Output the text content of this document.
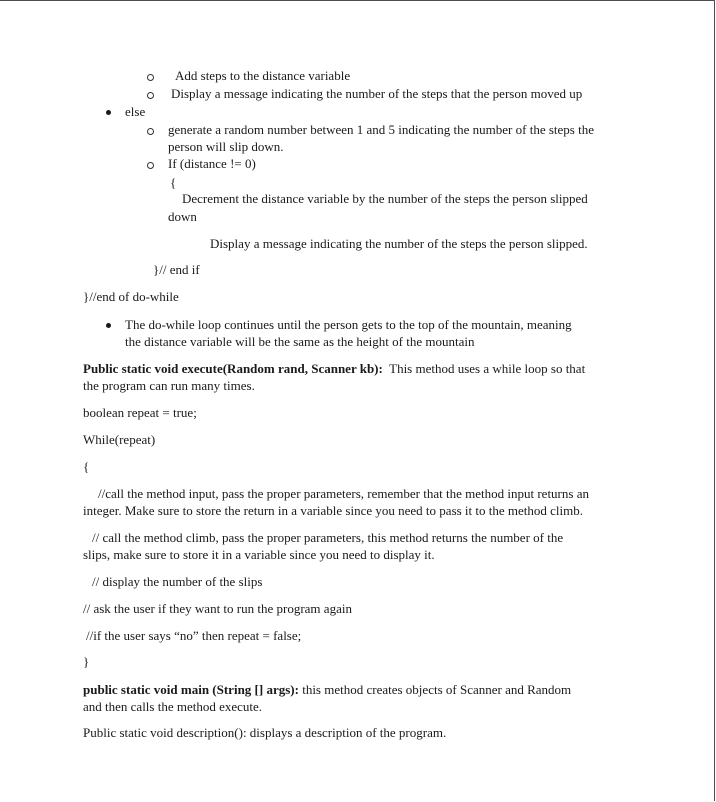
Add steps to the distance variable
Display a message indicating the number of the steps that the person moved up
else
generate a random number between 1 and 5 indicating the number of the steps the
person will slip down.
If (distance != 0)
{
Decrement the distance variable by the number of the steps the person slipped
down
Display a message indicating the number of the steps the person slipped.
}// end if
}//end of do-while
The do-while loop continues until the person gets to the top of the mountain, meaning
the distance variable will be the same as the height of the mountain
Public static void execute(Random rand, Scanner kb): This method uses a while loop so that
the program can run many times.
boolean repeat = true;
While(repeat)
{
//call the method input, pass the proper parameters, remember that the method input returns an
integer. Make sure to store the return in a variable since you need to pass it to the method climb.
// call the method climb, pass the proper parameters, this method returns the number of the
slips, make sure to store it in a variable since you need to display it.
// display the number of the slips
// ask the user if they want to run the program again
//if the user says “no” then repeat = false;
}
public static void main (String [] args): this method creates objects of Scanner and Random
and then calls the method execute.
Public static void description(): displays a description of the program.
